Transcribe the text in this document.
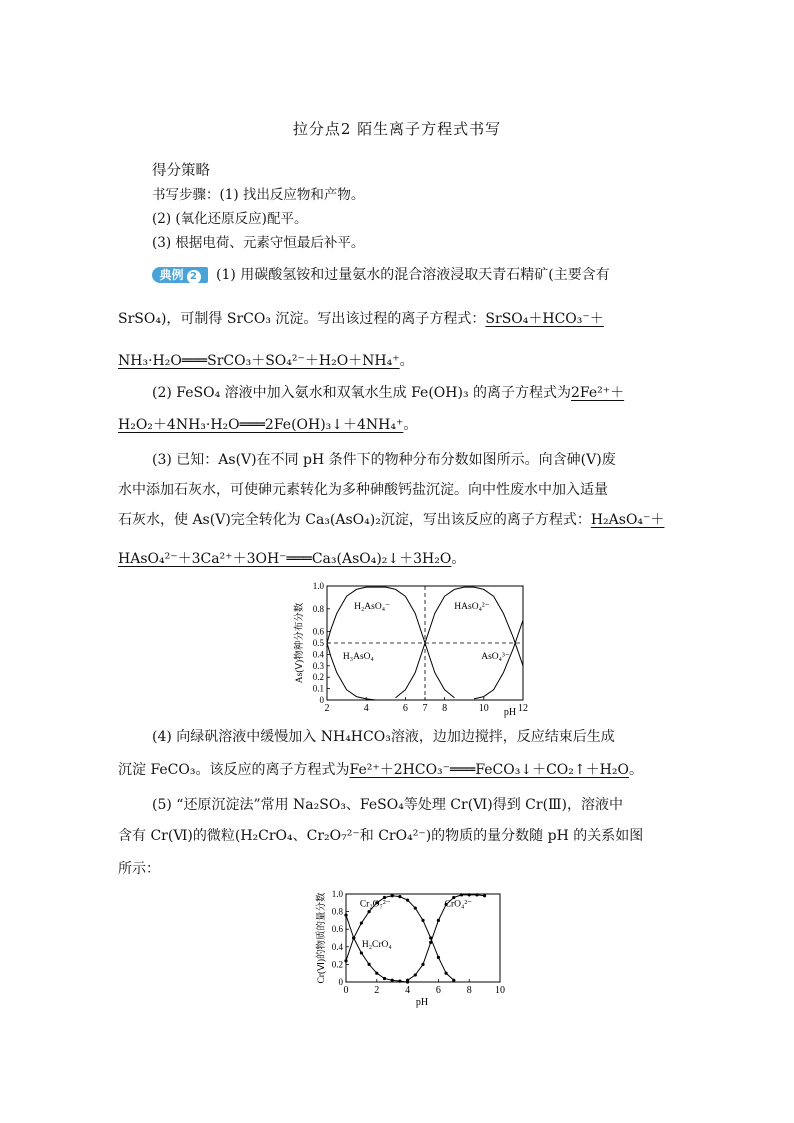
拉分点2 陌生离子方程式书写
得分策略
书写步骤：(1) 找出反应物和产物。
(2) (氧化还原反应)配平。
(3) 根据电荷、元素守恒最后补平。
典例 2 (1) 用碳酸氢铵和过量氨水的混合溶液浸取天青石精矿(主要含有
SrSO₄)，可制得 SrCO₃ 沉淀。写出该过程的离子方程式：SrSO₄＋HCO₃⁻＋
NH₃·H₂O═══SrCO₃＋SO₄²⁻＋H₂O＋NH₄⁺。
(2) FeSO₄ 溶液中加入氨水和双氧水生成 Fe(OH)₃ 的离子方程式为2Fe²⁺＋
H₂O₂＋4NH₃·H₂O═══2Fe(OH)₃↓＋4NH₄⁺。
(3) 已知：As(Ⅴ)在不同 pH 条件下的物种分布分数如图所示。向含砷(Ⅴ)废
水中添加石灰水，可使砷元素转化为多种砷酸钙盐沉淀。向中性废水中加入适量
石灰水，使 As(Ⅴ)完全转化为 Ca₃(AsO₄)₂沉淀，写出该反应的离子方程式：H₂AsO₄⁻＋
HAsO₄²⁻＋3Ca²⁺＋3OH⁻═══Ca₃(AsO₄)₂↓＋3H₂O。
2	4	6 7 8	10	12
0
0.1
0.2
0.3
0.4
0.5
0.6
0.8
1.0
pH
As(Ⅴ)物种分布分数	H₂AsO₄⁻	HAsO₄²⁻
H₃AsO₄	AsO₄³⁻
(4) 向绿矾溶液中缓慢加入 NH₄HCO₃溶液，边加边搅拌，反应结束后生成
沉淀 FeCO₃。该反应的离子方程式为Fe²⁺＋2HCO₃⁻═══FeCO₃↓＋CO₂↑＋H₂O。
(5) “还原沉淀法”常用 Na₂SO₃、FeSO₄等处理 Cr(Ⅵ)得到 Cr(Ⅲ)，溶液中
含有 Cr(Ⅵ)的微粒(H₂CrO₄、Cr₂O₇²⁻和 CrO₄²⁻)的物质的量分数随 pH 的关系如图
所示：
0	2	4	6	8 10
0
0.2
0.4
0.6
0.8
1.0
pH
Cr(Ⅵ)的物质的量分数	Cr₂O₇²⁻	CrO₄²⁻
H₂CrO₄
